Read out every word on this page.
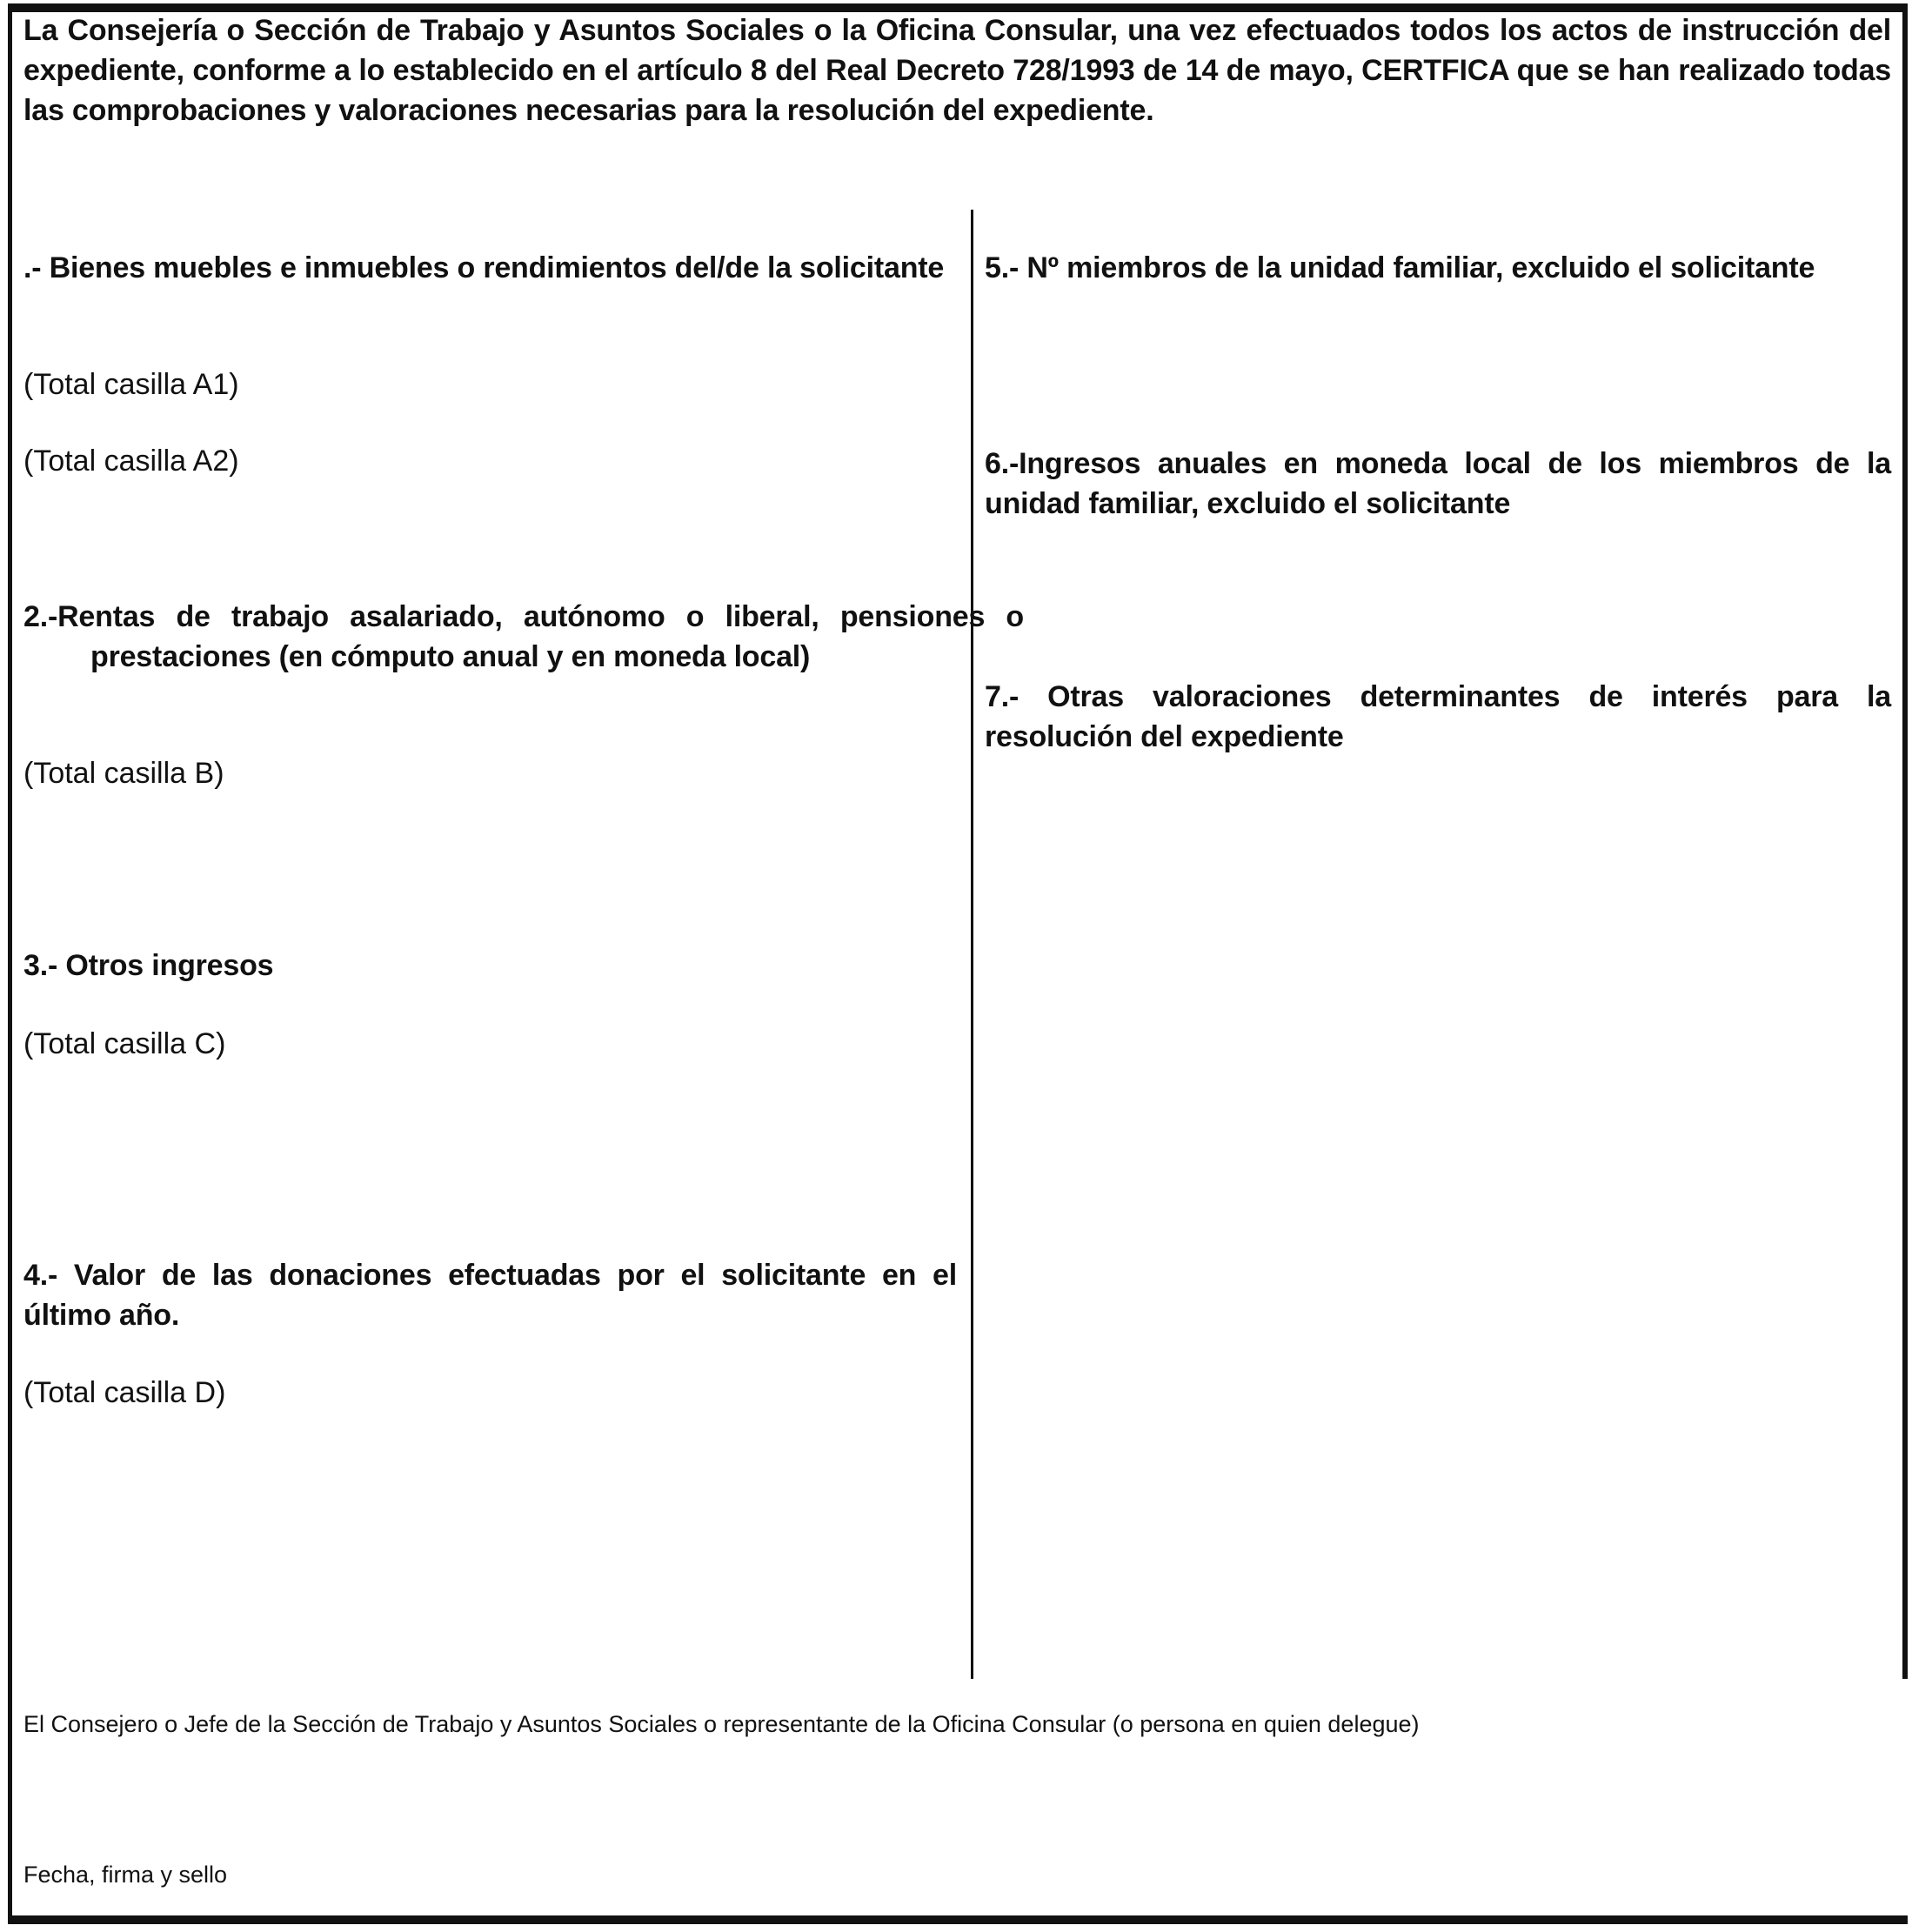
La Consejería o Sección de Trabajo y Asuntos Sociales o la Oficina Consular, una vez efectuados todos los actos de instrucción del expediente, conforme a lo establecido en el artículo 8 del Real Decreto 728/1993 de 14 de mayo, CERTFICA que se han realizado todas las comprobaciones y valoraciones necesarias para la resolución del expediente.

.- Bienes muebles e inmuebles o rendimientos del/de la solicitante

(Total casilla A1)

(Total casilla A2)

2.-Rentas de trabajo asalariado, autónomo o liberal, pensiones o prestaciones (en cómputo anual y en moneda local)

(Total casilla B)

3.- Otros ingresos

(Total casilla C)

4.- Valor de las donaciones efectuadas por el solicitante en el último año.

(Total casilla D)

5.- Nº miembros de la unidad familiar, excluido el solicitante

6.-Ingresos anuales en moneda local de los miembros de la unidad familiar, excluido el solicitante

7.- Otras valoraciones determinantes de interés para la resolución del expediente

El Consejero o Jefe de la Sección de Trabajo y Asuntos Sociales o representante de la Oficina Consular (o persona en quien delegue)

Fecha, firma y sello
